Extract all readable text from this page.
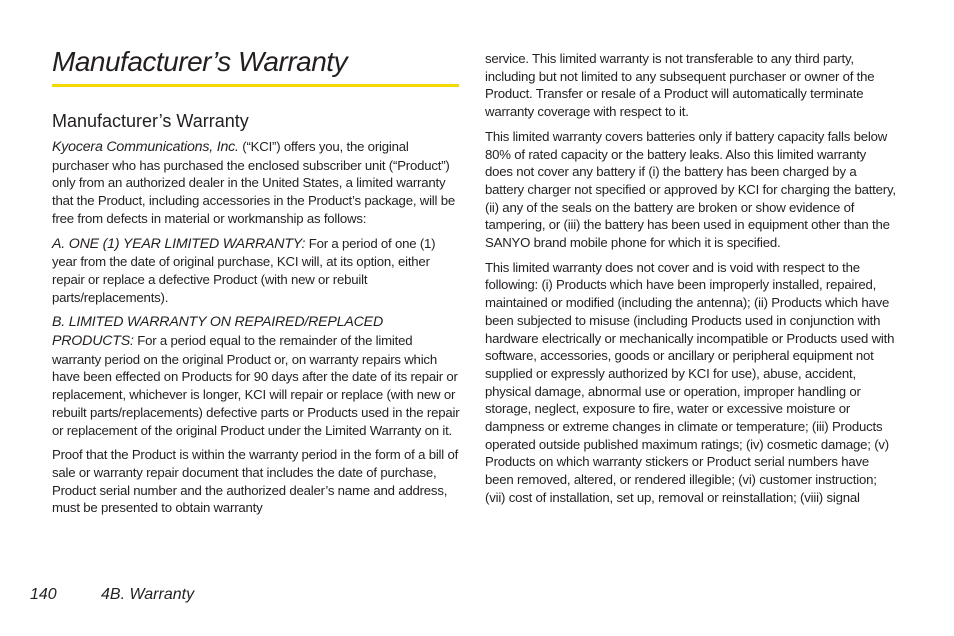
Manufacturer’s Warranty
Manufacturer’s Warranty

Kyocera Communications, Inc. (“KCI”) offers you, the original purchaser who has purchased the enclosed subscriber unit (“Product”) only from an authorized dealer in the United States, a limited warranty that the Product, including accessories in the Product’s package, will be free from defects in material or workmanship as follows:

A. ONE (1) YEAR LIMITED WARRANTY: For a period of one (1) year from the date of original purchase, KCI will, at its option, either repair or replace a defective Product (with new or rebuilt parts/replacements).

B. LIMITED WARRANTY ON REPAIRED/REPLACED PRODUCTS: For a period equal to the remainder of the limited warranty period on the original Product or, on warranty repairs which have been effected on Products for 90 days after the date of its repair or replacement, whichever is longer, KCI will repair or replace (with new or rebuilt parts/replacements) defective parts or Products used in the repair or replacement of the original Product under the Limited Warranty on it.

Proof that the Product is within the warranty period in the form of a bill of sale or warranty repair document that includes the date of purchase, Product serial number and the authorized dealer’s name and address, must be presented to obtain warranty

service. This limited warranty is not transferable to any third party, including but not limited to any subsequent purchaser or owner of the Product. Transfer or resale of a Product will automatically terminate warranty coverage with respect to it.

This limited warranty covers batteries only if battery capacity falls below 80% of rated capacity or the battery leaks. Also this limited warranty does not cover any battery if (i) the battery has been charged by a battery charger not specified or approved by KCI for charging the battery, (ii) any of the seals on the battery are broken or show evidence of tampering, or (iii) the battery has been used in equipment other than the SANYO brand mobile phone for which it is specified.

This limited warranty does not cover and is void with respect to the following: (i) Products which have been improperly installed, repaired, maintained or modified (including the antenna); (ii) Products which have been subjected to misuse (including Products used in conjunction with hardware electrically or mechanically incompatible or Products used with software, accessories, goods or ancillary or peripheral equipment not supplied or expressly authorized by KCI for use), abuse, accident, physical damage, abnormal use or operation, improper handling or storage, neglect, exposure to fire, water or excessive moisture or dampness or extreme changes in climate or temperature; (iii) Products operated outside published maximum ratings; (iv) cosmetic damage; (v) Products on which warranty stickers or Product serial numbers have been removed, altered, or rendered illegible; (vi) customer instruction; (vii) cost of installation, set up, removal or reinstallation; (viii) signal

140	4B. Warranty
